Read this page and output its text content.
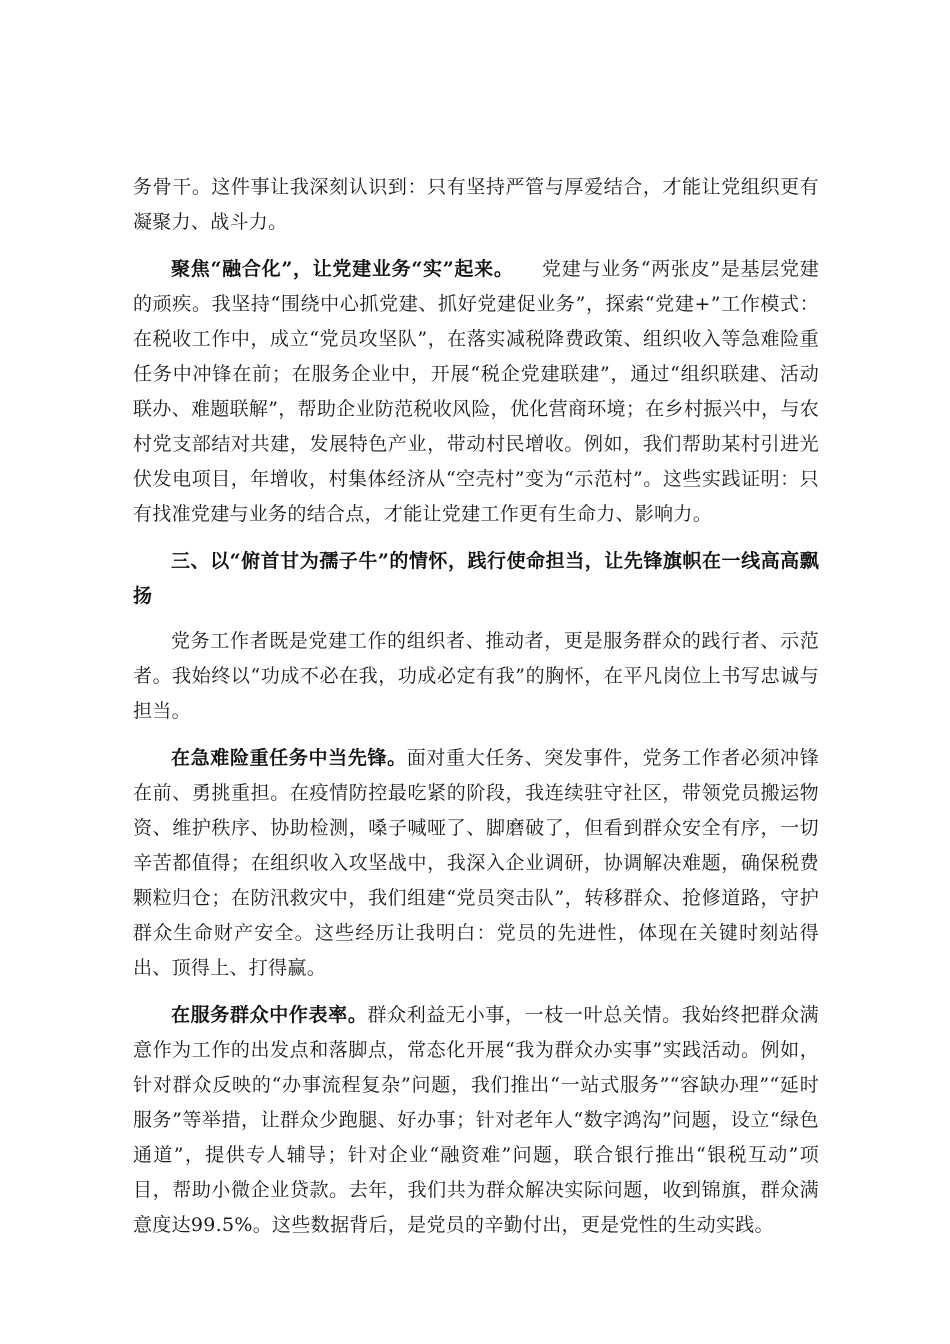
务骨干。这件事让我深刻认识到：只有坚持严管与厚爱结合，才能让党组织更有凝聚力、战斗力。

聚焦“融合化”，让党建业务“实”起来。 党建与业务“两张皮”是基层党建的顽疾。我坚持“围绕中心抓党建、抓好党建促业务”，探索“党建+”工作模式：在税收工作中，成立“党员攻坚队”，在落实减税降费政策、组织收入等急难险重任务中冲锋在前；在服务企业中，开展“税企党建联建”，通过“组织联建、活动联办、难题联解”，帮助企业防范税收风险，优化营商环境；在乡村振兴中，与农村党支部结对共建，发展特色产业，带动村民增收。例如，我们帮助某村引进光伏发电项目，年增收，村集体经济从“空壳村”变为“示范村”。这些实践证明：只有找准党建与业务的结合点，才能让党建工作更有生命力、影响力。

三、以“俯首甘为孺子牛”的情怀，践行使命担当，让先锋旗帜在一线高高飘扬

党务工作者既是党建工作的组织者、推动者，更是服务群众的践行者、示范者。我始终以“功成不必在我，功成必定有我”的胸怀，在平凡岗位上书写忠诚与担当。

在急难险重任务中当先锋。面对重大任务、突发事件，党务工作者必须冲锋在前、勇挑重担。在疫情防控最吃紧的阶段，我连续驻守社区，带领党员搬运物资、维护秩序、协助检测，嗓子喊哑了、脚磨破了，但看到群众安全有序，一切辛苦都值得；在组织收入攻坚战中，我深入企业调研，协调解决难题，确保税费颗粒归仓；在防汛救灾中，我们组建“党员突击队”，转移群众、抢修道路，守护群众生命财产安全。这些经历让我明白：党员的先进性，体现在关键时刻站得出、顶得上、打得赢。

在服务群众中作表率。群众利益无小事，一枝一叶总关情。我始终把群众满意作为工作的出发点和落脚点，常态化开展“我为群众办实事”实践活动。例如，针对群众反映的“办事流程复杂”问题，我们推出“一站式服务”“容缺办理”“延时服务”等举措，让群众少跑腿、好办事；针对老年人“数字鸿沟”问题，设立“绿色通道”，提供专人辅导；针对企业“融资难”问题，联合银行推出“银税互动”项目，帮助小微企业贷款。去年，我们共为群众解决实际问题，收到锦旗，群众满意度达99.5%。这些数据背后，是党员的辛勤付出，更是党性的生动实践。
